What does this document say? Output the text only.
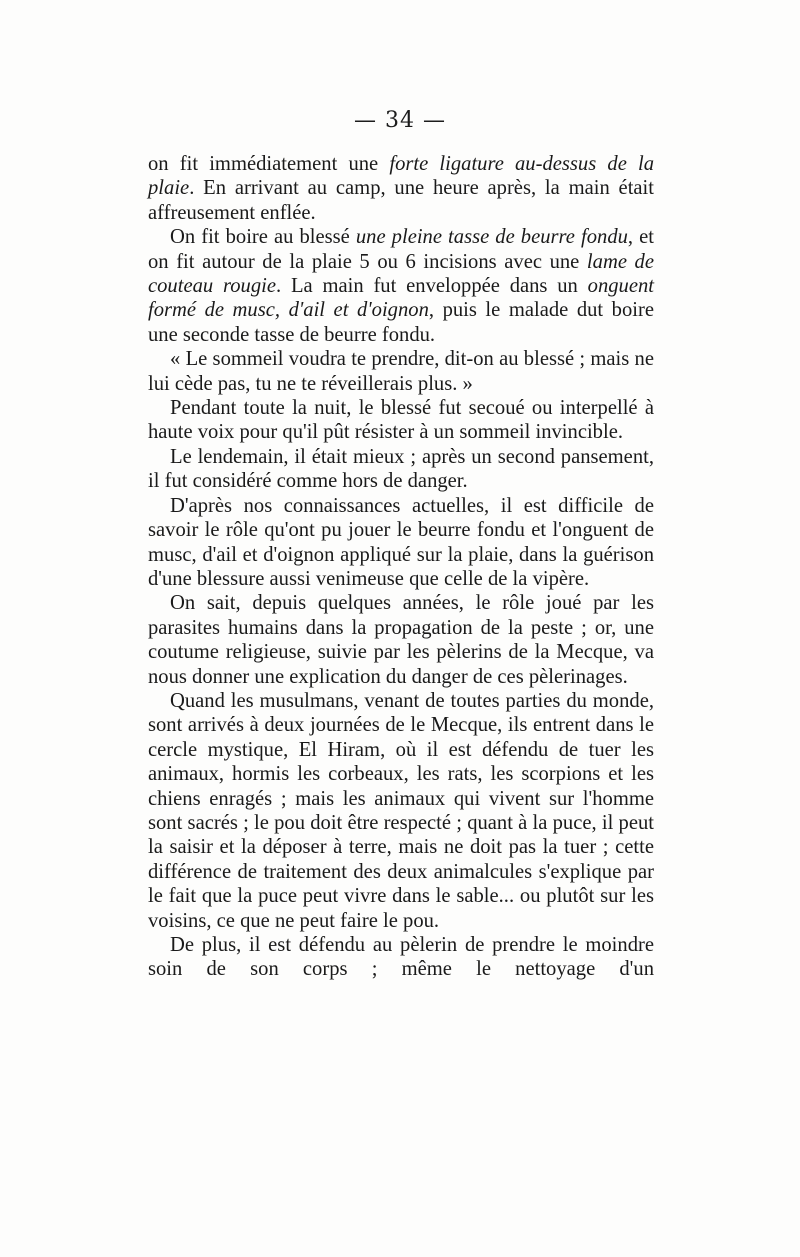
— 34 —

on fit immédiatement une forte ligature au-dessus de la plaie. En arrivant au camp, une heure après, la main était affreusement enflée.

On fit boire au blessé une pleine tasse de beurre fondu, et on fit autour de la plaie 5 ou 6 incisions avec une lame de couteau rougie. La main fut enveloppée dans un onguent formé de musc, d'ail et d'oignon, puis le malade dut boire une seconde tasse de beurre fondu.

« Le sommeil voudra te prendre, dit-on au blessé ; mais ne lui cède pas, tu ne te réveillerais plus. »

Pendant toute la nuit, le blessé fut secoué ou interpellé à haute voix pour qu'il pût résister à un sommeil invincible.

Le lendemain, il était mieux ; après un second pansement, il fut considéré comme hors de danger.

D'après nos connaissances actuelles, il est difficile de savoir le rôle qu'ont pu jouer le beurre fondu et l'onguent de musc, d'ail et d'oignon appliqué sur la plaie, dans la guérison d'une blessure aussi venimeuse que celle de la vipère.

On sait, depuis quelques années, le rôle joué par les parasites humains dans la propagation de la peste ; or, une coutume religieuse, suivie par les pèlerins de la Mecque, va nous donner une explication du danger de ces pèlerinages.

Quand les musulmans, venant de toutes parties du monde, sont arrivés à deux journées de le Mecque, ils entrent dans le cercle mystique, El Hiram, où il est défendu de tuer les animaux, hormis les corbeaux, les rats, les scorpions et les chiens enragés ; mais les animaux qui vivent sur l'homme sont sacrés ; le pou doit être respecté ; quant à la puce, il peut la saisir et la déposer à terre, mais ne doit pas la tuer ; cette différence de traitement des deux animalcules s'explique par le fait que la puce peut vivre dans le sable... ou plutôt sur les voisins, ce que ne peut faire le pou.

De plus, il est défendu au pèlerin de prendre le moindre soin de son corps ; même le nettoyage d'un
